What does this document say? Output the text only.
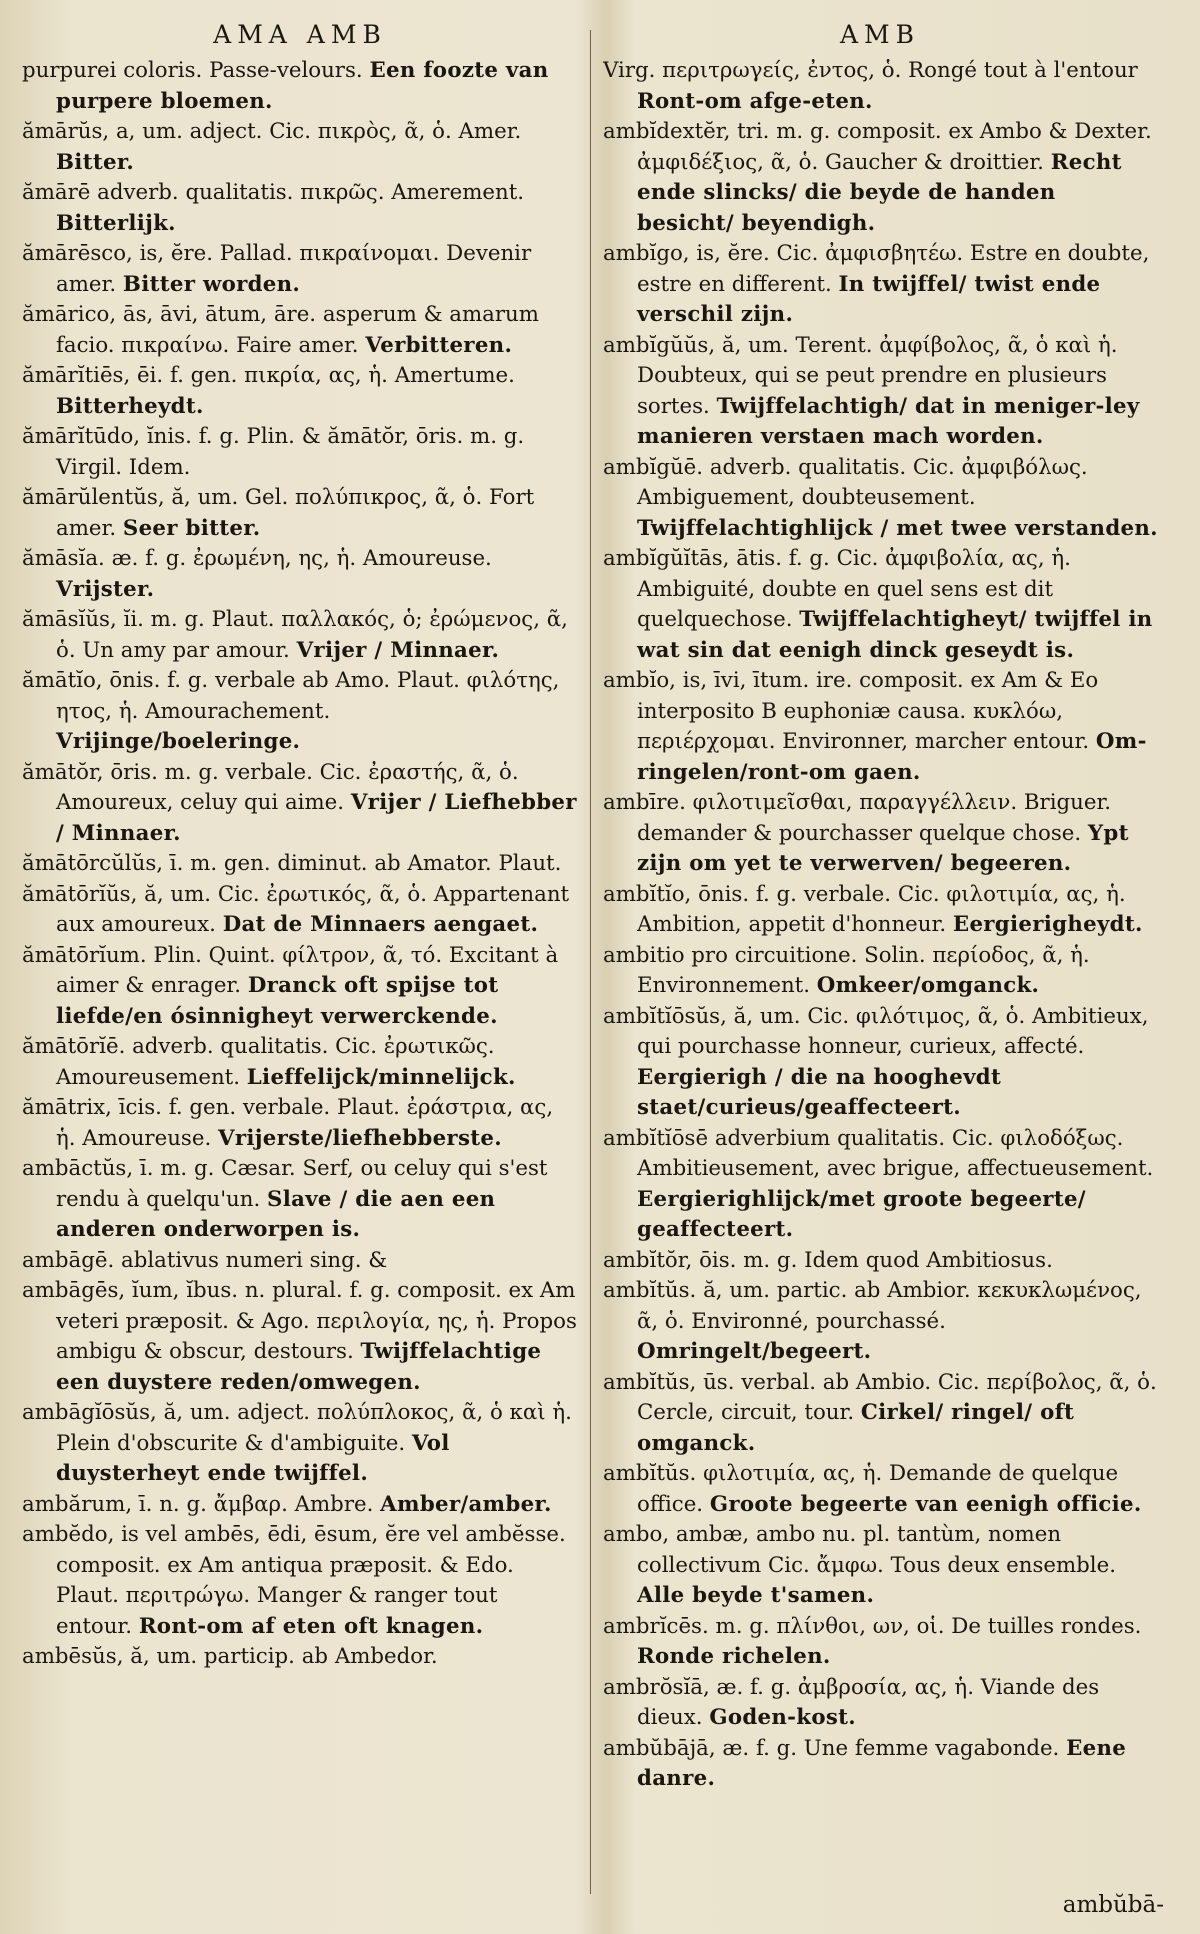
AMA AMB	AMB

purpurei coloris. Passe-velours. Een foozte van purpere bloemen.

ămārŭs, a, um. adject. Cic. πικρὸς, ᾶ, ὁ. Amer. Bitter.

ămārē adverb. qualitatis. πικρῶς. Amerement. Bitterlijk.

ămārēsco, is, ĕre. Pallad. πικραίνομαι. Devenir amer. Bitter worden.

ămārico, ās, āvi, ātum, āre. asperum & amarum facio. πικραίνω. Faire amer. Verbitteren.

ămārĭtiēs, ēi. f. gen. πικρία, ας, ἡ. Amertume. Bitterheydt.

ămārĭtūdo, ĭnis. f. g. Plin. & ămātŏr, ōris. m. g. Virgil. Idem.

ămārŭlentŭs, ă, um. Gel. πολύπικρος, ᾶ, ὁ. Fort amer. Seer bitter.

ămāsĭa. æ. f. g. ἐρωμένη, ης, ἡ. Amoureuse. Vrijster.

ămāsĭŭs, ĭi. m. g. Plaut. παλλακός, ὁ; ἐρώμενος, ᾶ, ὁ. Un amy par amour. Vrijer / Minnaer.

ămātĭo, ōnis. f. g. verbale ab Amo. Plaut. φιλότης, ητος, ἡ. Amourachement. Vrijinge/boeleringe.

ămātŏr, ōris. m. g. verbale. Cic. ἐραστής, ᾶ, ὁ. Amoureux, celuy qui aime. Vrijer / Liefhebber / Minnaer.

ămātōrcŭlŭs, ī. m. gen. diminut. ab Amator. Plaut.

ămātōrĭŭs, ă, um. Cic. ἐρωτικός, ᾶ, ὁ. Appartenant aux amoureux. Dat de Minnaers aengaet.

ămātōrĭum. Plin. Quint. φίλτρον, ᾶ, τό. Excitant à aimer & enrager. Dranck oft spijse tot liefde/en ósinnigheyt verwerckende.

ămātōrĭē. adverb. qualitatis. Cic. ἐρωτικῶς. Amoureusement. Lieffelijck/minnelijck.

ămātrix, īcis. f. gen. verbale. Plaut. ἐράστρια, ας, ἡ. Amoureuse. Vrijerste/liefhebberste.

ambāctŭs, ī. m. g. Cæsar. Serf, ou celuy qui s'est rendu à quelqu'un. Slave / die aen een anderen onderworpen is.

ambāgē. ablativus numeri sing. &

ambāgēs, ĭum, ĭbus. n. plural. f. g. composit. ex Am veteri præposit. & Ago. περιλογία, ης, ἡ. Propos ambigu & obscur, destours. Twijffelachtige een duystere reden/omwegen.

ambāgĭōsŭs, ă, um. adject. πολύπλοκος, ᾶ, ὁ καὶ ἡ. Plein d'obscurite & d'ambiguite. Vol duysterheyt ende twijffel.

ambărum, ī. n. g. ἄμβαρ. Ambre. Amber/amber.

ambĕdo, is vel ambēs, ēdi, ēsum, ĕre vel ambĕsse. composit. ex Am antiqua præposit. & Edo. Plaut. περιτρώγω. Manger & ranger tout entour. Ront-om af eten oft knagen.

ambēsŭs, ă, um. particip. ab Ambedor.

Virg. περιτρωγείς, ἐντος, ὁ. Rongé tout à l'entour Ront-om afge-eten.

ambĭdextĕr, tri. m. g. composit. ex Ambo & Dexter. ἀμφιδέξιος, ᾶ, ὁ. Gaucher & droittier. Recht ende slincks/ die beyde de handen besicht/ beyendigh.

ambĭgo, is, ĕre. Cic. ἀμφισβητέω. Estre en doubte, estre en different. In twijffel/ twist ende verschil zijn.

ambĭgŭŭs, ă, um. Terent. ἀμφίβολος, ᾶ, ὁ καὶ ἡ. Doubteux, qui se peut prendre en plusieurs sortes. Twijffelachtigh/ dat in meniger-ley manieren verstaen mach worden.

ambĭgŭē. adverb. qualitatis. Cic. ἀμφιβόλως. Ambiguement, doubteusement. Twijffelachtighlijck / met twee verstanden.

ambĭgŭĭtās, ātis. f. g. Cic. ἀμφιβολία, ας, ἡ. Ambiguité, doubte en quel sens est dit quelquechose. Twijffelachtigheyt/ twijffel in wat sin dat eenigh dinck geseydt is.

ambĭo, is, īvi, ītum. ire. composit. ex Am & Eo interposito B euphoniæ causa. κυκλόω, περιέρχομαι. Environner, marcher entour. Om-ringelen/ront-om gaen.

ambīre. φιλοτιμεῖσθαι, παραγγέλλειν. Briguer. demander & pourchasser quelque chose. Ypt zijn om yet te verwerven/ begeeren.

ambĭtĭo, ōnis. f. g. verbale. Cic. φιλοτιμία, ας, ἡ. Ambition, appetit d'honneur. Eergierigheydt.

ambitio pro circuitione. Solin. περίοδος, ᾶ, ἡ. Environnement. Omkeer/omganck.

ambĭtĭōsŭs, ă, um. Cic. φιλότιμος, ᾶ, ὁ. Ambitieux, qui pourchasse honneur, curieux, affecté. Eergierigh / die na hooghevdt staet/curieus/geaffecteert.

ambĭtĭōsē adverbium qualitatis. Cic. φιλοδόξως. Ambitieusement, avec brigue, affectueusement. Eergierighlijck/met groote begeerte/ geaffecteert.

ambĭtŏr, ōis. m. g. Idem quod Ambitiosus.

ambĭtŭs. ă, um. partic. ab Ambior. κεκυκλωμένος, ᾶ, ὁ. Environné, pourchassé. Omringelt/begeert.

ambĭtŭs, ūs. verbal. ab Ambio. Cic. περίβολος, ᾶ, ὁ. Cercle, circuit, tour. Cirkel/ ringel/ oft omganck.

ambĭtŭs. φιλοτιμία, ας, ἡ. Demande de quelque office. Groote begeerte van eenigh officie.

ambo, ambæ, ambo nu. pl. tantùm, nomen collectivum Cic. ἄμφω. Tous deux ensemble. Alle beyde t'samen.

ambrĭcēs. m. g. πλίνθοι, ων, οἱ. De tuilles rondes. Ronde richelen.

ambrŏsĭā, æ. f. g. ἀμβροσία, ας, ἡ. Viande des dieux. Goden-kost.

ambŭbājā, æ. f. g. Une femme vagabonde. Eene danre.

ambŭbā-
